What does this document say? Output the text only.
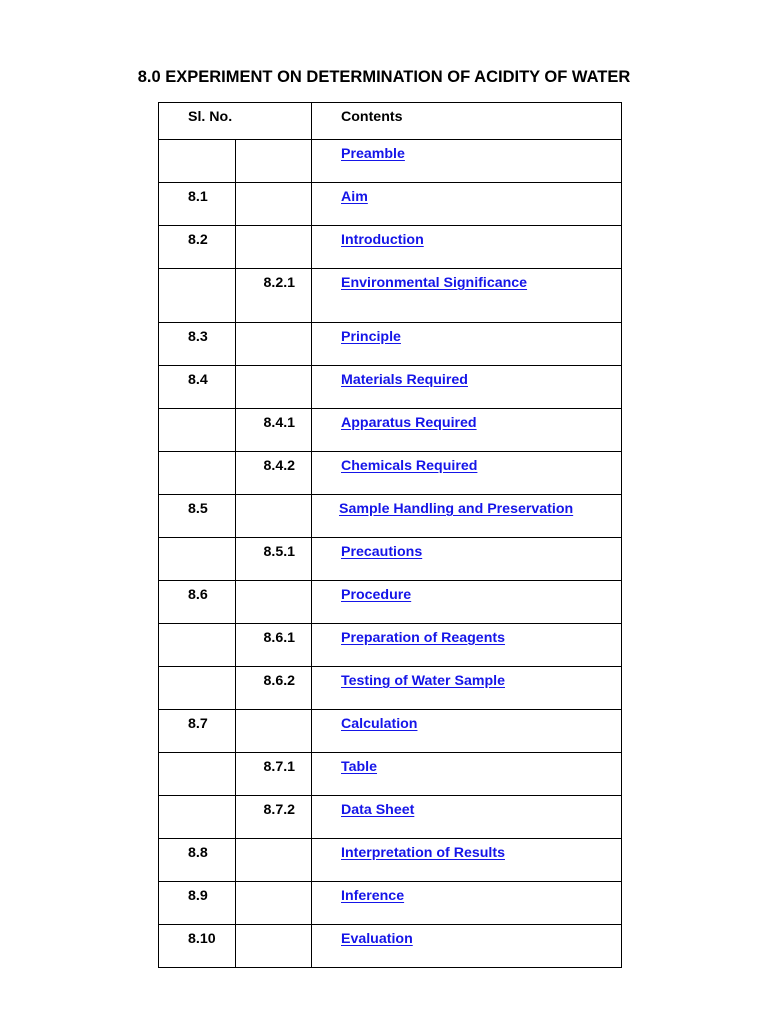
8.0 EXPERIMENT ON DETERMINATION OF ACIDITY OF WATER
Sl. No.		Contents

		Preamble

8.1		Aim

8.2		Introduction

	8.2.1	Environmental Significance

8.3		Principle

8.4		Materials Required

	8.4.1	Apparatus Required

	8.4.2	Chemicals Required

8.5		Sample Handling and Preservation

	8.5.1	Precautions

8.6		Procedure

	8.6.1	Preparation of Reagents

	8.6.2	Testing of Water Sample

8.7		Calculation

	8.7.1	Table

	8.7.2	Data Sheet

8.8		Interpretation of Results

8.9		Inference

8.10		Evaluation
